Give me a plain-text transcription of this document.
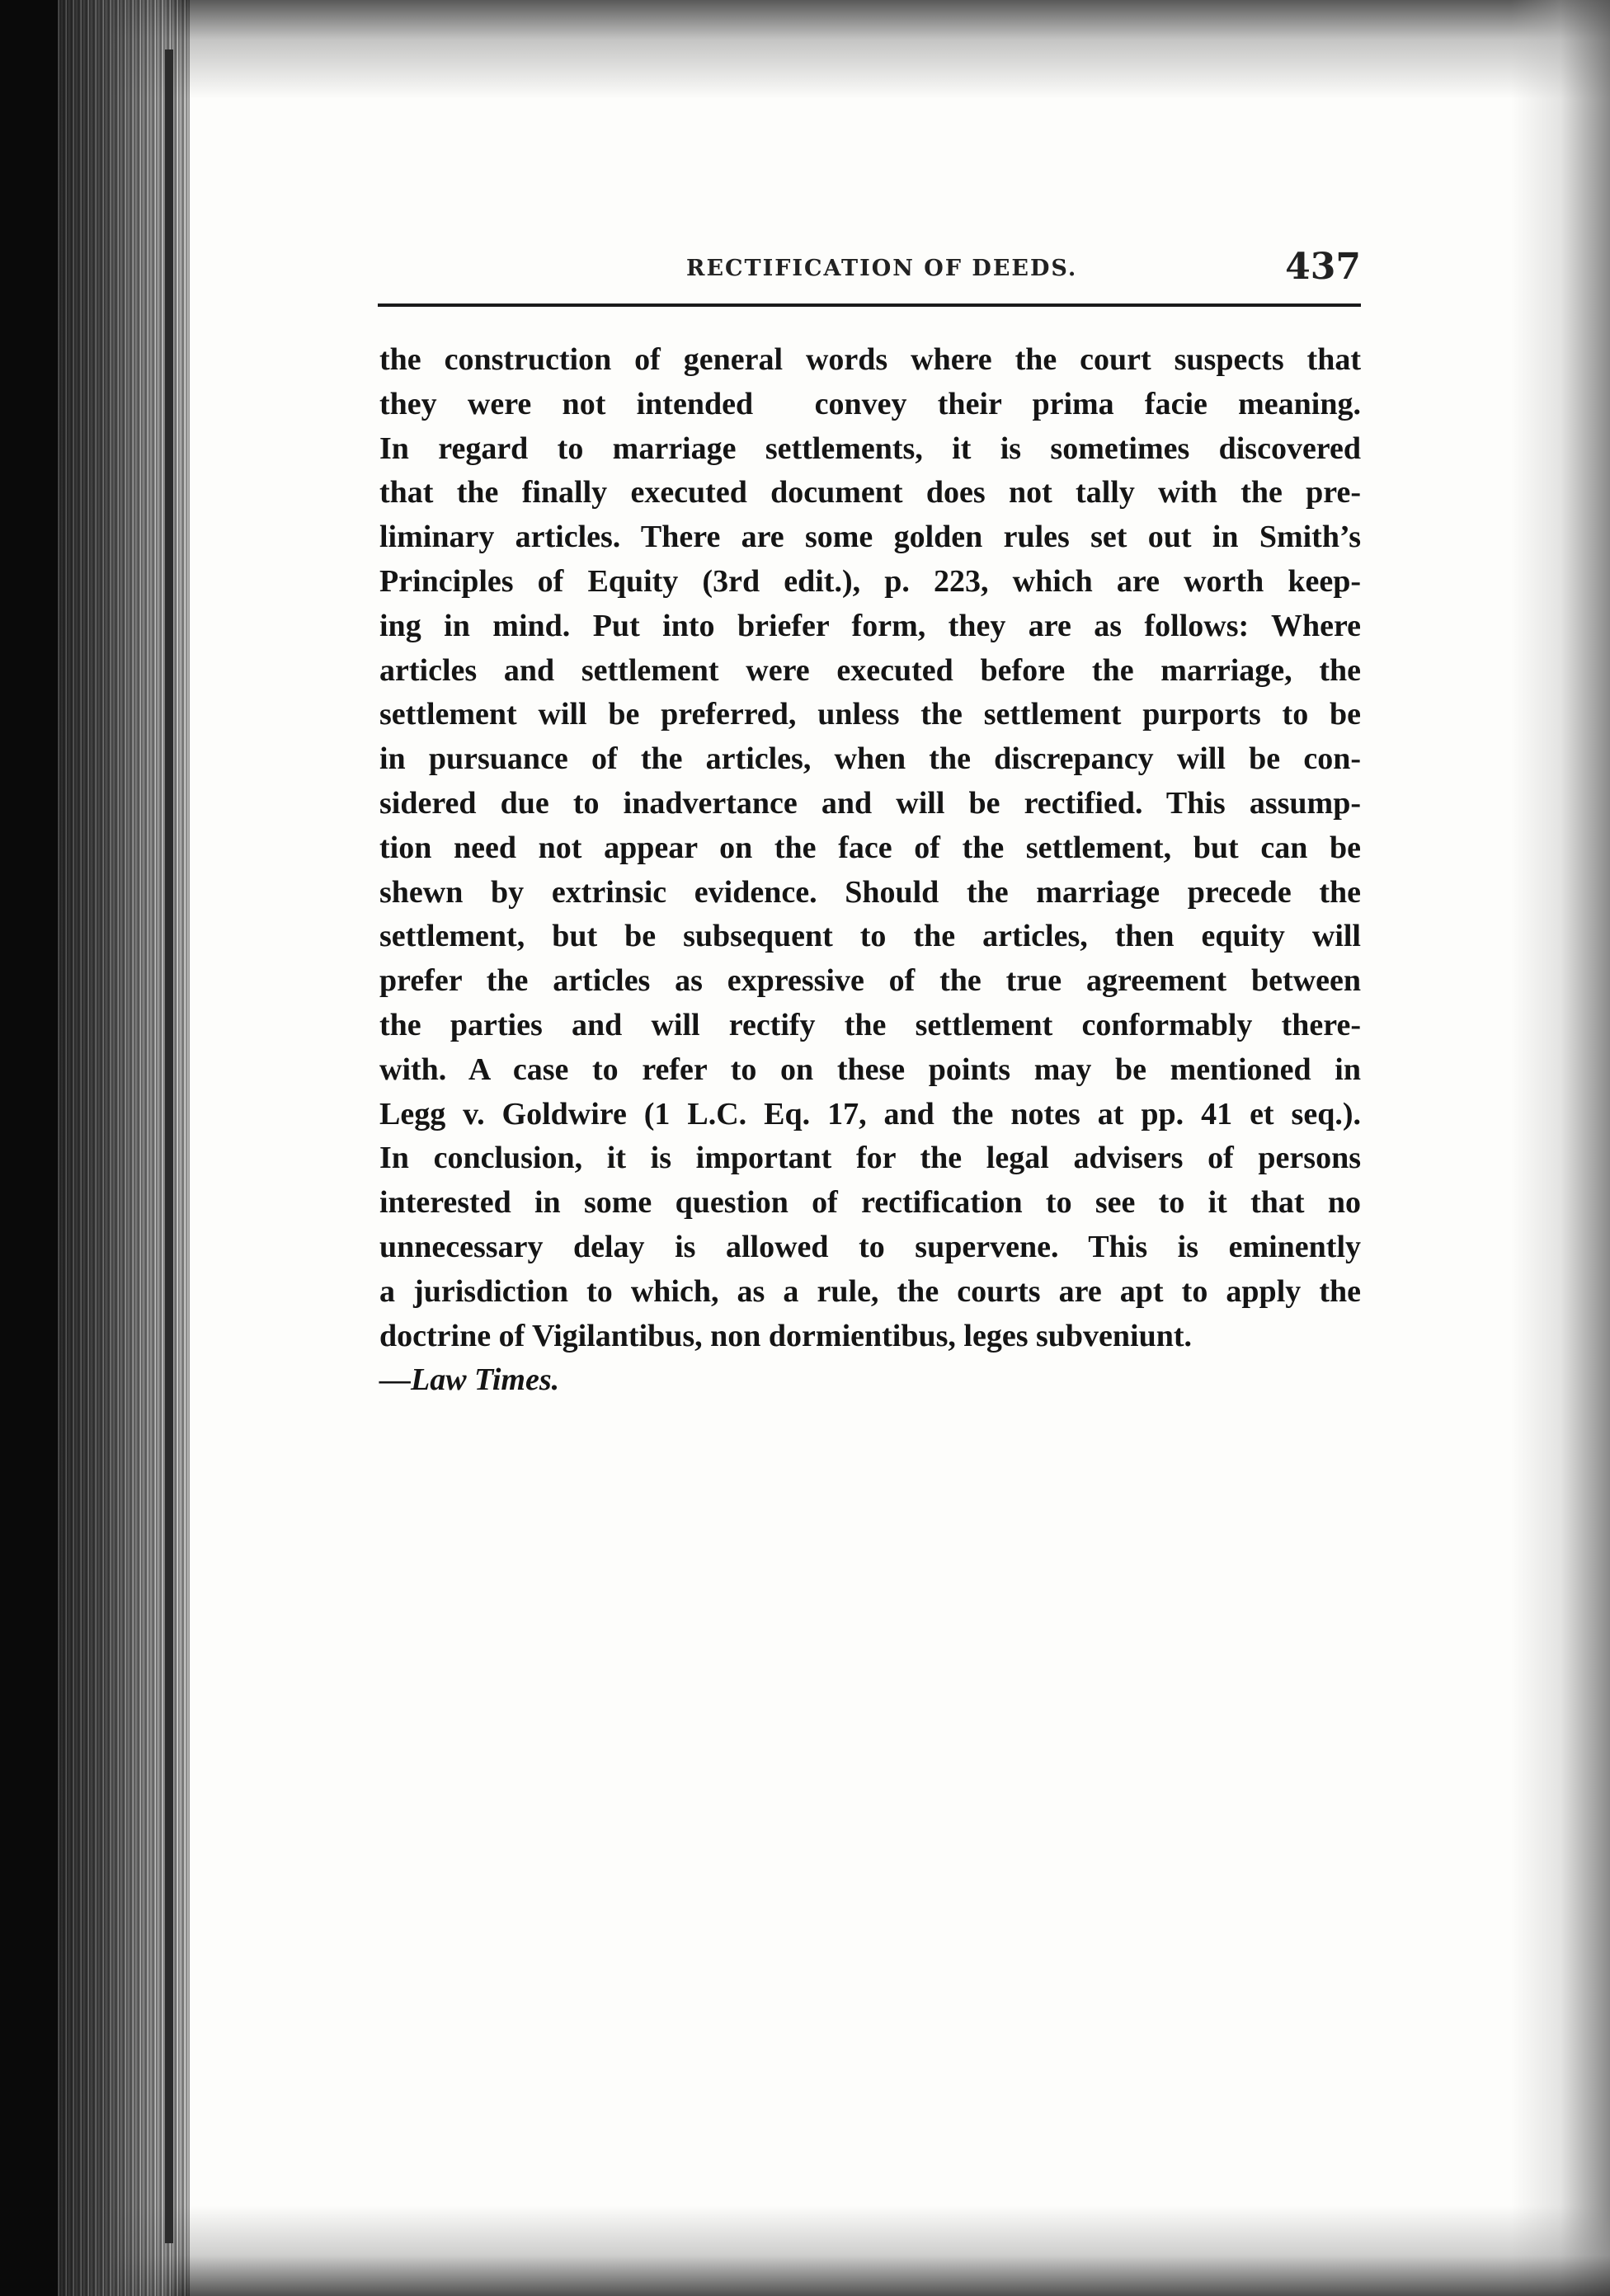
RECTIFICATION OF DEEDS.	437
the construction of general words where the court suspects that
they were not intended ⁠⁠ convey their prima facie meaning.
In regard to marriage settlements, it is sometimes discovered
that the finally executed document does not tally with the pre-
liminary articles. There are some golden rules set out in Smith’s
Principles of Equity (3rd edit.), p. 223, which are worth keep-
ing in mind. Put into briefer form, they are as follows: Where
articles and settlement were executed before the marriage, the
settlement will be preferred, unless the settlement purports to be
in pursuance of the articles, when the discrepancy will be con-
sidered due to inadvertance and will be rectified. This assump-
tion need not appear on the face of the settlement, but can be
shewn by extrinsic evidence. Should the marriage precede the
settlement, but be subsequent to the articles, then equity will
prefer the articles as expressive of the true agreement between
the parties and will rectify the settlement conformably there-
with. A case to refer to on these points may be mentioned in
Legg v. Goldwire (1 L.C. Eq. 17, and the notes at pp. 41 et seq.).
In conclusion, it is important for the legal advisers of persons
interested in some question of rectification to see to it that no
unnecessary delay is allowed to supervene. This is eminently
a jurisdiction to which, as a rule, the courts are apt to apply the
doctrine of Vigilantibus, non dormientibus, leges subveniunt.
—Law Times.
